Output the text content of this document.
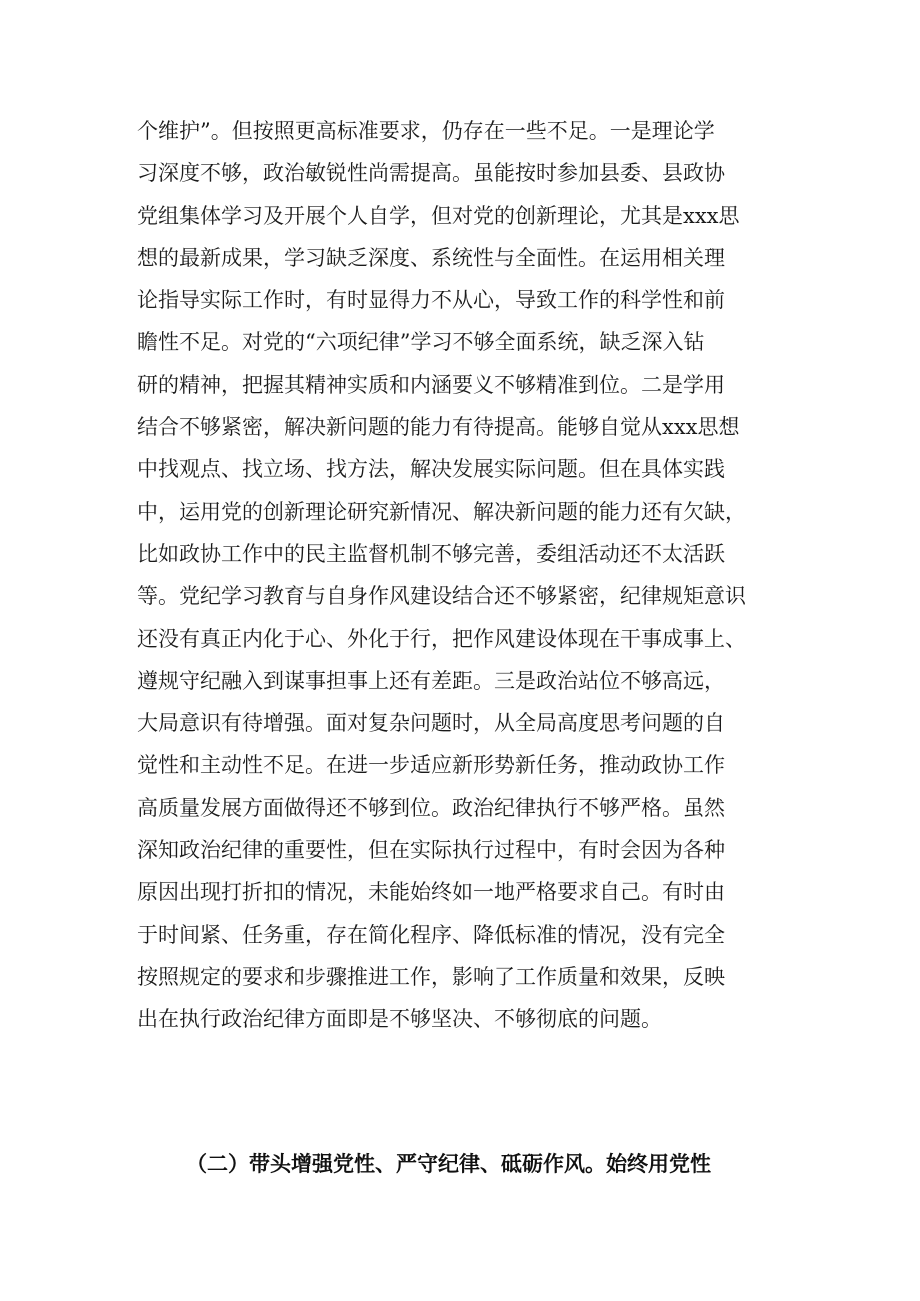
个维护”。但按照更高标准要求，仍存在一些不足。一是理论学
习深度不够，政治敏锐性尚需提高。虽能按时参加县委、县政协
党组集体学习及开展个人自学，但对党的创新理论，尤其是xxx思
想的最新成果，学习缺乏深度、系统性与全面性。在运用相关理
论指导实际工作时，有时显得力不从心，导致工作的科学性和前
瞻性不足。对党的“六项纪律”学习不够全面系统，缺乏深入钻
研的精神，把握其精神实质和内涵要义不够精准到位。二是学用
结合不够紧密，解决新问题的能力有待提高。能够自觉从xxx思想
中找观点、找立场、找方法，解决发展实际问题。但在具体实践
中，运用党的创新理论研究新情况、解决新问题的能力还有欠缺，
比如政协工作中的民主监督机制不够完善，委组活动还不太活跃
等。党纪学习教育与自身作风建设结合还不够紧密，纪律规矩意识
还没有真正内化于心、外化于行，把作风建设体现在干事成事上、
遵规守纪融入到谋事担事上还有差距。三是政治站位不够高远，
大局意识有待增强。面对复杂问题时，从全局高度思考问题的自
觉性和主动性不足。在进一步适应新形势新任务，推动政协工作
高质量发展方面做得还不够到位。政治纪律执行不够严格。虽然
深知政治纪律的重要性，但在实际执行过程中，有时会因为各种
原因出现打折扣的情况，未能始终如一地严格要求自己。有时由
于时间紧、任务重，存在简化程序、降低标准的情况，没有完全
按照规定的要求和步骤推进工作，影响了工作质量和效果，反映
出在执行政治纪律方面即是不够坚决、不够彻底的问题。
（二）带头增强党性、严守纪律、砥砺作风。始终用党性
